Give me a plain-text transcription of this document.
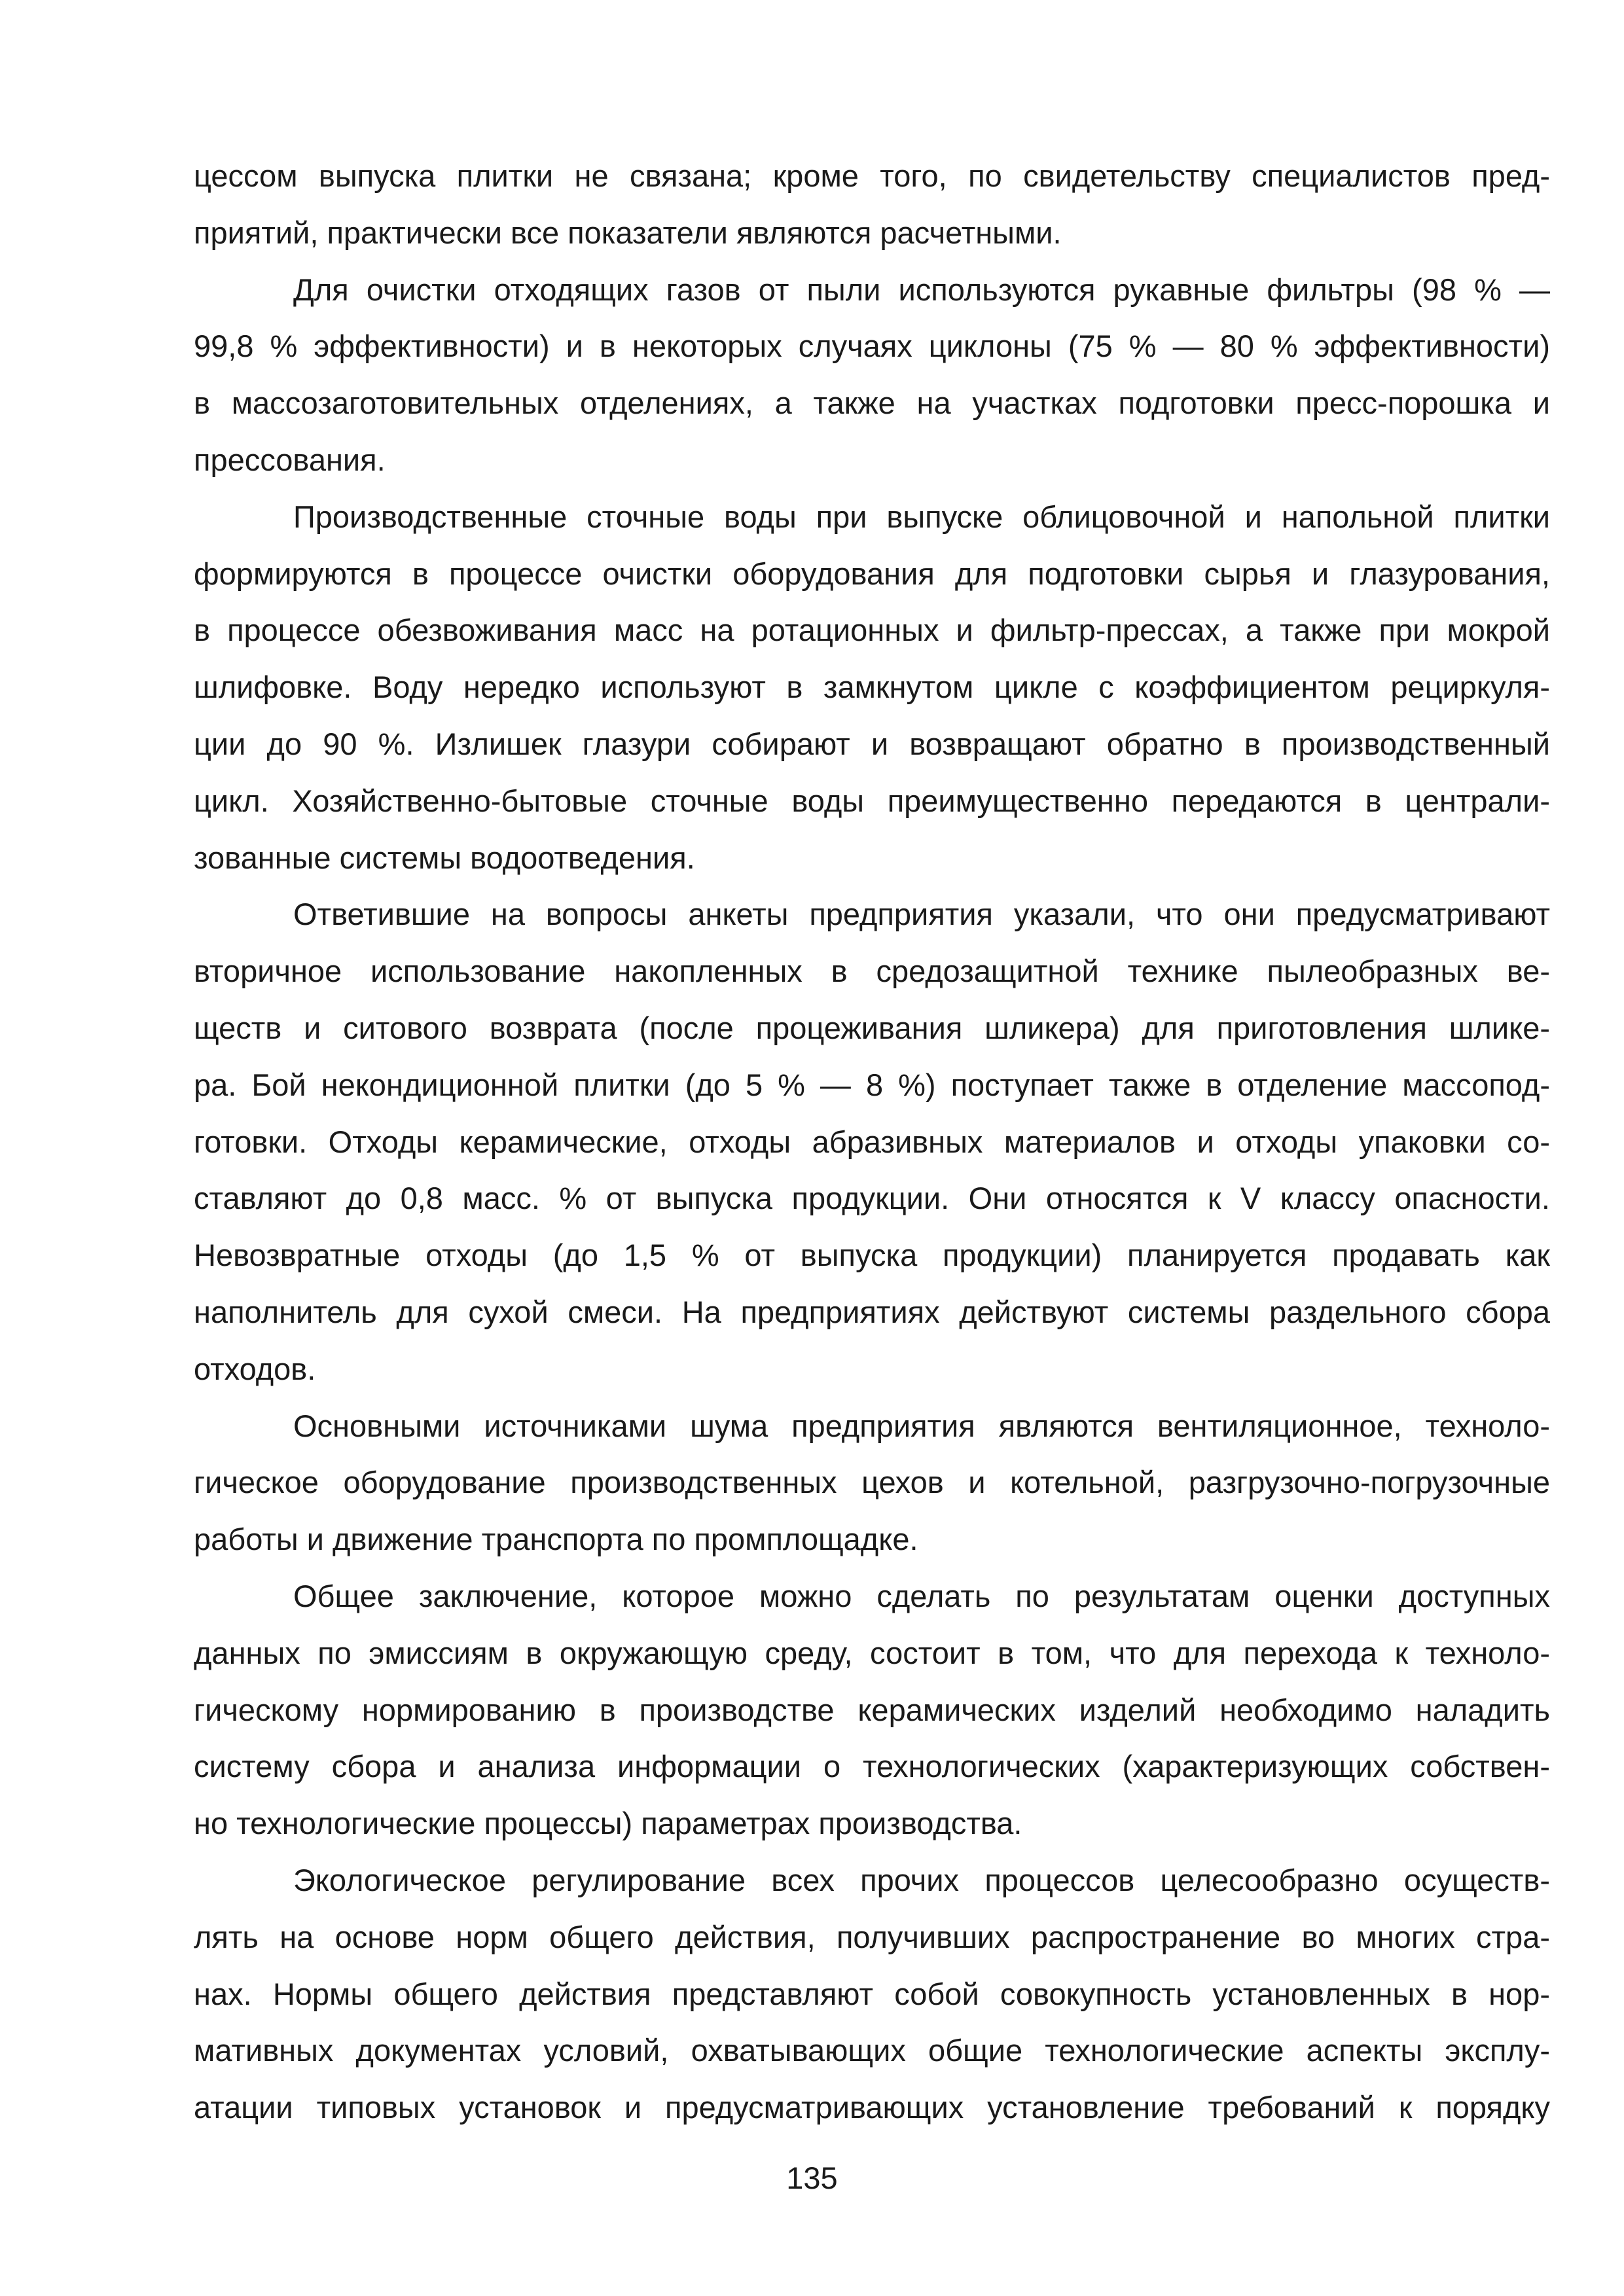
цессом выпуска плитки не связана; кроме того, по свидетельству специалистов пред-
приятий, практически все показатели являются расчетными.
Для очистки отходящих газов от пыли используются рукавные фильтры (98 % —
99,8 % эффективности) и в некоторых случаях циклоны (75 % — 80 % эффективности)
в массозаготовительных отделениях, а также на участках подготовки пресс-порошка и
прессования.
Производственные сточные воды при выпуске облицовочной и напольной плитки
формируются в процессе очистки оборудования для подготовки сырья и глазурования,
в процессе обезвоживания масс на ротационных и фильтр-прессах, а также при мокрой
шлифовке. Воду нередко используют в замкнутом цикле с коэффициентом рециркуля-
ции до 90 %. Излишек глазури собирают и возвращают обратно в производственный
цикл. Хозяйственно-бытовые сточные воды преимущественно передаются в централи-
зованные системы водоотведения.
Ответившие на вопросы анкеты предприятия указали, что они предусматривают
вторичное использование накопленных в средозащитной технике пылеобразных ве-
ществ и ситового возврата (после процеживания шликера) для приготовления шлике-
ра. Бой некондиционной плитки (до 5 % — 8 %) поступает также в отделение массопод-
готовки. Отходы керамические, отходы абразивных материалов и отходы упаковки со-
ставляют до 0,8 масс. % от выпуска продукции. Они относятся к V классу опасности.
Невозвратные отходы (до 1,5 % от выпуска продукции) планируется продавать как
наполнитель для сухой смеси. На предприятиях действуют системы раздельного сбора
отходов.
Основными источниками шума предприятия являются вентиляционное, техноло-
гическое оборудование производственных цехов и котельной, разгрузочно-погрузочные
работы и движение транспорта по промплощадке.
Общее заключение, которое можно сделать по результатам оценки доступных
данных по эмиссиям в окружающую среду, состоит в том, что для перехода к техноло-
гическому нормированию в производстве керамических изделий необходимо наладить
систему сбора и анализа информации о технологических (характеризующих собствен-
но технологические процессы) параметрах производства.
Экологическое регулирование всех прочих процессов целесообразно осуществ-
лять на основе норм общего действия, получивших распространение во многих стра-
нах. Нормы общего действия представляют собой совокупность установленных в нор-
мативных документах условий, охватывающих общие технологические аспекты эксплу-
атации типовых установок и предусматривающих установление требований к порядку
135
